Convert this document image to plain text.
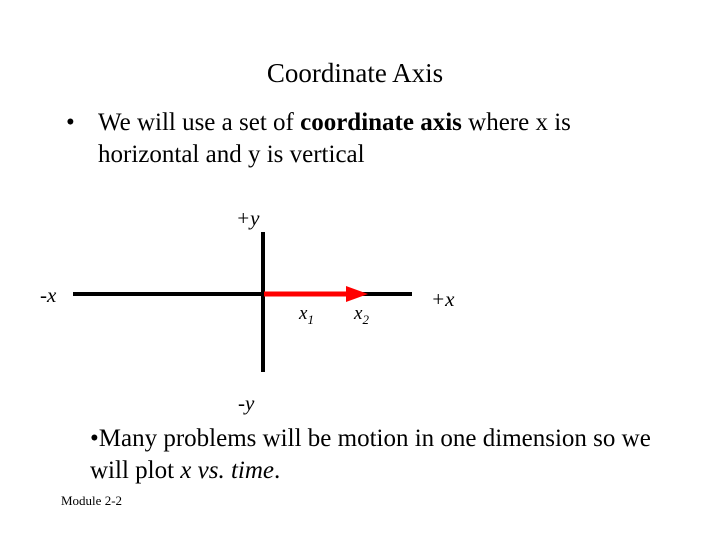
Coordinate Axis
• We will use a set of coordinate axis where x is horizontal and y is vertical
+y
-x	+x
-y
$x_1$ $x_2$
•Many problems will be motion in one dimension so we will plot x vs. time.
Module 2-2
